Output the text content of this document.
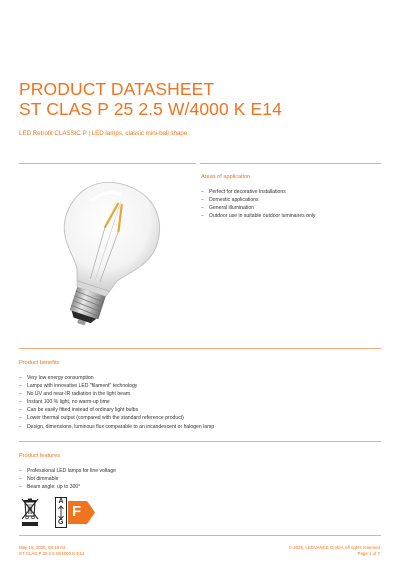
PRODUCT DATASHEET
ST CLAS P 25 2.5 W/4000 K E14
LED Retrofit CLASSIC P | LED lamps, classic mini-ball shape
Areas of application
– Perfect for decorative Installations
– Domestic applications
– General illumination
– Outdoor use in suitable outdoor luminaires only
Product benefits
– Very low energy consumption
– Lamps with innovative LED "filament" technology
– No UV and near-IR radiation in the light beam
– Instant 100 % light, no warm-up time
– Can be easily fitted instead of ordinary light bulbs
– Lower thermal output (compared with the standard reference product)
– Design, dimensions, luminous flux comparable to an incandescent or halogen lamp
Product features
– Professional LED lamps for line voltage
– Not dimmable
– Beam angle: up to 300°
A
G
F
May 15, 2025, 08:18:04
ST CLAS P 25 2.5 W/4000 K E14
© 2025, LEDVANCE GmbH. All rights reserved
Page 1 of 7
